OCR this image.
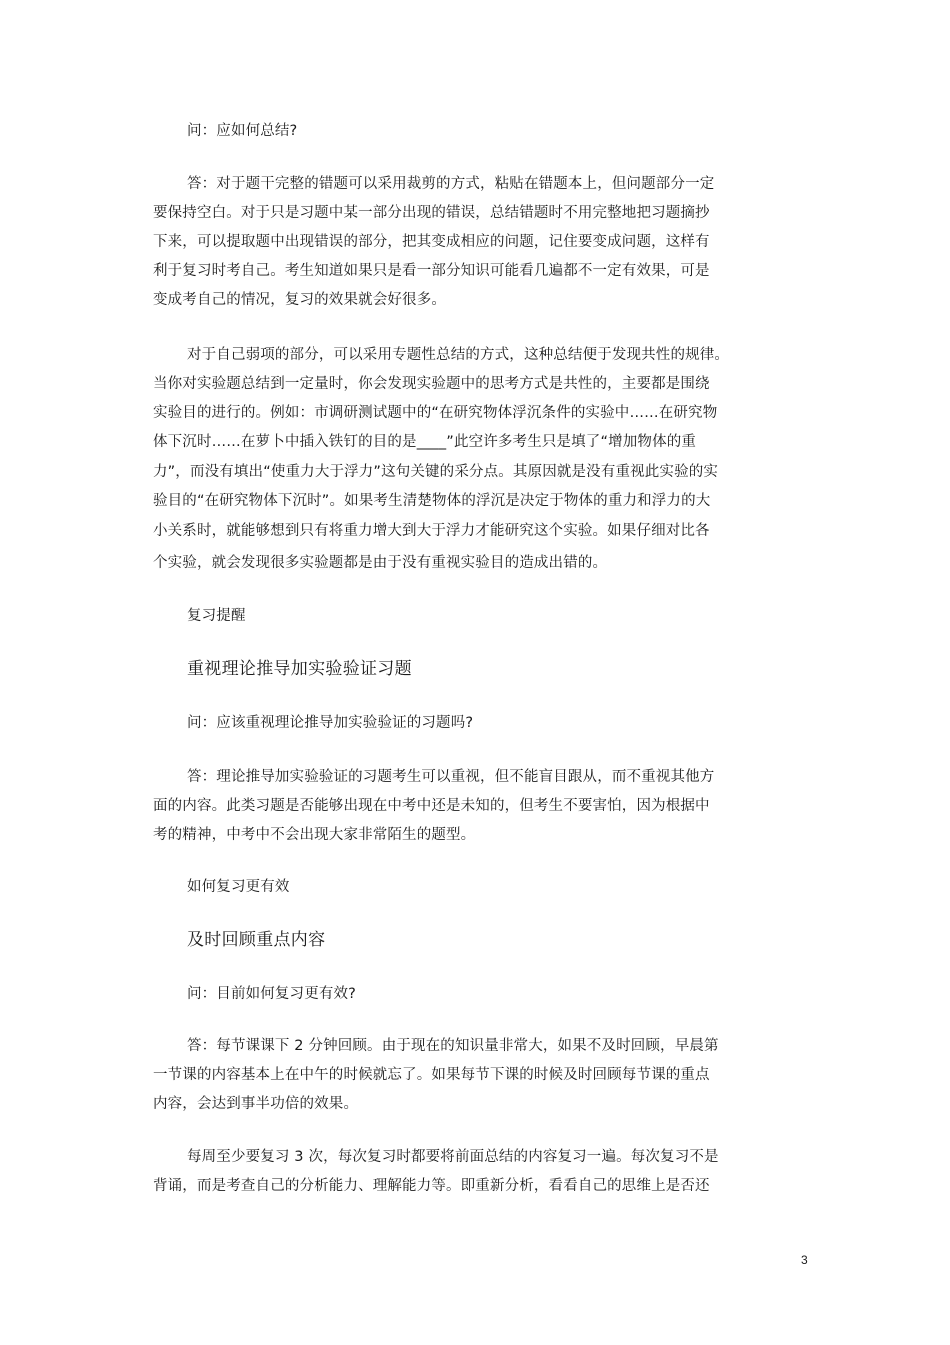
问：应如何总结?
答：对于题干完整的错题可以采用裁剪的方式，粘贴在错题本上，但问题部分一定
要保持空白。对于只是习题中某一部分出现的错误，总结错题时不用完整地把习题摘抄
下来，可以提取题中出现错误的部分，把其变成相应的问题，记住要变成问题，这样有
利于复习时考自己。考生知道如果只是看一部分知识可能看几遍都不一定有效果，可是
变成考自己的情况，复习的效果就会好很多。
对于自己弱项的部分，可以采用专题性总结的方式，这种总结便于发现共性的规律。
当你对实验题总结到一定量时，你会发现实验题中的思考方式是共性的，主要都是围绕
实验目的进行的。例如：市调研测试题中的“在研究物体浮沉条件的实验中……在研究物
体下沉时……在萝卜中插入铁钉的目的是____”此空许多考生只是填了“增加物体的重
力”，而没有填出“使重力大于浮力”这句关键的采分点。其原因就是没有重视此实验的实
验目的“在研究物体下沉时”。如果考生清楚物体的浮沉是决定于物体的重力和浮力的大
小关系时，就能够想到只有将重力增大到大于浮力才能研究这个实验。如果仔细对比各
个实验，就会发现很多实验题都是由于没有重视实验目的造成出错的。
复习提醒
重视理论推导加实验验证习题
问：应该重视理论推导加实验验证的习题吗?
答：理论推导加实验验证的习题考生可以重视，但不能盲目跟从，而不重视其他方
面的内容。此类习题是否能够出现在中考中还是未知的，但考生不要害怕，因为根据中
考的精神，中考中不会出现大家非常陌生的题型。
如何复习更有效
及时回顾重点内容
问：目前如何复习更有效?
答：每节课课下 2 分钟回顾。由于现在的知识量非常大，如果不及时回顾，早晨第
一节课的内容基本上在中午的时候就忘了。如果每节下课的时候及时回顾每节课的重点
内容，会达到事半功倍的效果。
每周至少要复习 3 次，每次复习时都要将前面总结的内容复习一遍。每次复习不是
背诵，而是考查自己的分析能力、理解能力等。即重新分析，看看自己的思维上是否还
3
